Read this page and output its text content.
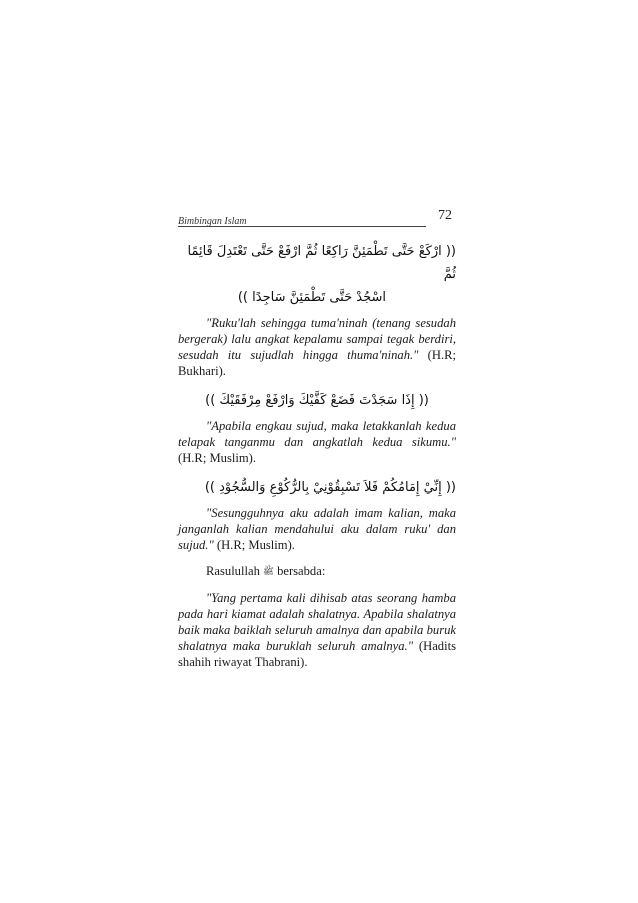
Bimbingan Islam	72

(( ارْكَعْ حَتَّى تَطْمَئِنَّ رَاكِعًا ثُمَّ ارْفَعْ حَتَّى تَعْتَدِلَ قَائِمًا ثُمَّ

اسْجُدْ حَتَّى تَطْمَئِنَّ سَاجِدًا ))

"Ruku'lah sehingga tuma'ninah (tenang sesudah bergerak) lalu angkat kepalamu sampai tegak berdiri, sesudah itu sujudlah hingga thuma'ninah." (H.R; Bukhari).

(( إِذَا سَجَدْتَ فَضَعْ كَفَّيْكَ وَارْفَعْ مِرْفَقَيْكَ ))

"Apabila engkau sujud, maka letakkanlah kedua telapak tanganmu dan angkatlah kedua sikumu." (H.R; Muslim).

(( إِنِّيْ إِمَامُكُمْ فَلاَ تَسْبِقُوْنِيْ بِالرُّكُوْعِ وَالسُّجُوْدِ ))

"Sesungguhnya aku adalah imam kalian, maka janganlah kalian mendahului aku dalam ruku' dan sujud." (H.R; Muslim).

Rasulullah ﷺ bersabda:

"Yang pertama kali dihisab atas seorang hamba pada hari kiamat adalah shalatnya. Apabila shalatnya baik maka baiklah seluruh amalnya dan apabila buruk shalatnya maka buruklah seluruh amalnya." (Hadits shahih riwayat Thabrani).
